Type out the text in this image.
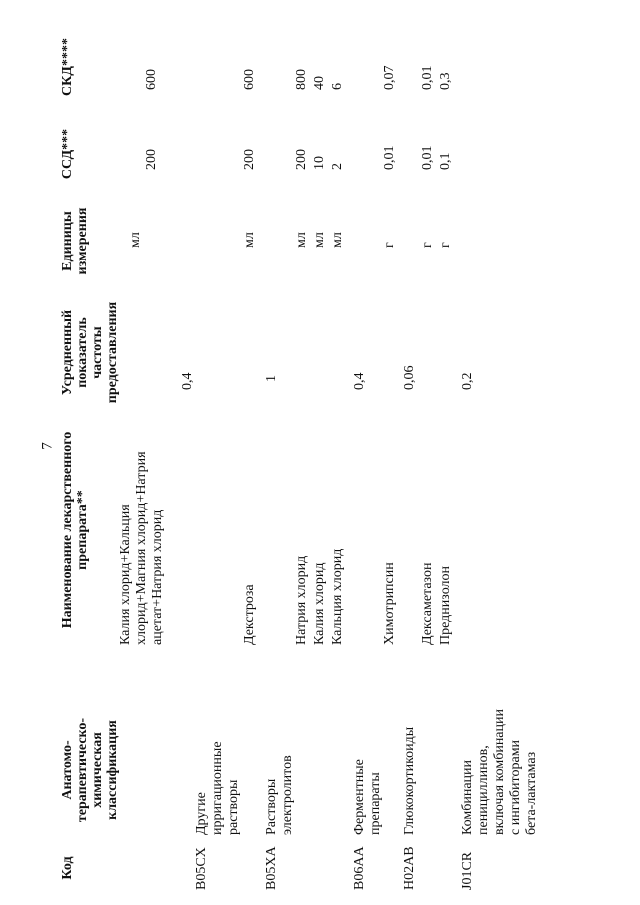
7
Код
Анатомо-терапевтическо-химическая классификация
Наименование лекарственного препарата**
Усредненный показатель частоты предоставления
Единицы измерения
ССД***
СКД****
B05CX
Другие ирригационные растворы
Калия хлорид+Кальция хлорид+Магния хлорид+Натрия ацетат+Натрия хлорид
0,4
мл
200
600
B05XA
Растворы электролитов
Декстроза
1
мл
200
600
Натрия хлорид Калия хлорид Кальция хлорид
мл мл мл
200 10 2
800 40 6
B06AA
Ферментные препараты
0,4
Химотрипсин
г
0,01
0,07
H02AB
Глюкокортикоиды
0,06
Дексаметазон Преднизолон
г г
0,01 0,1
0,01 0,3
J01CR
Комбинации пенициллинов, включая комбинации с ингибиторами бета-лактамаз
0,2
